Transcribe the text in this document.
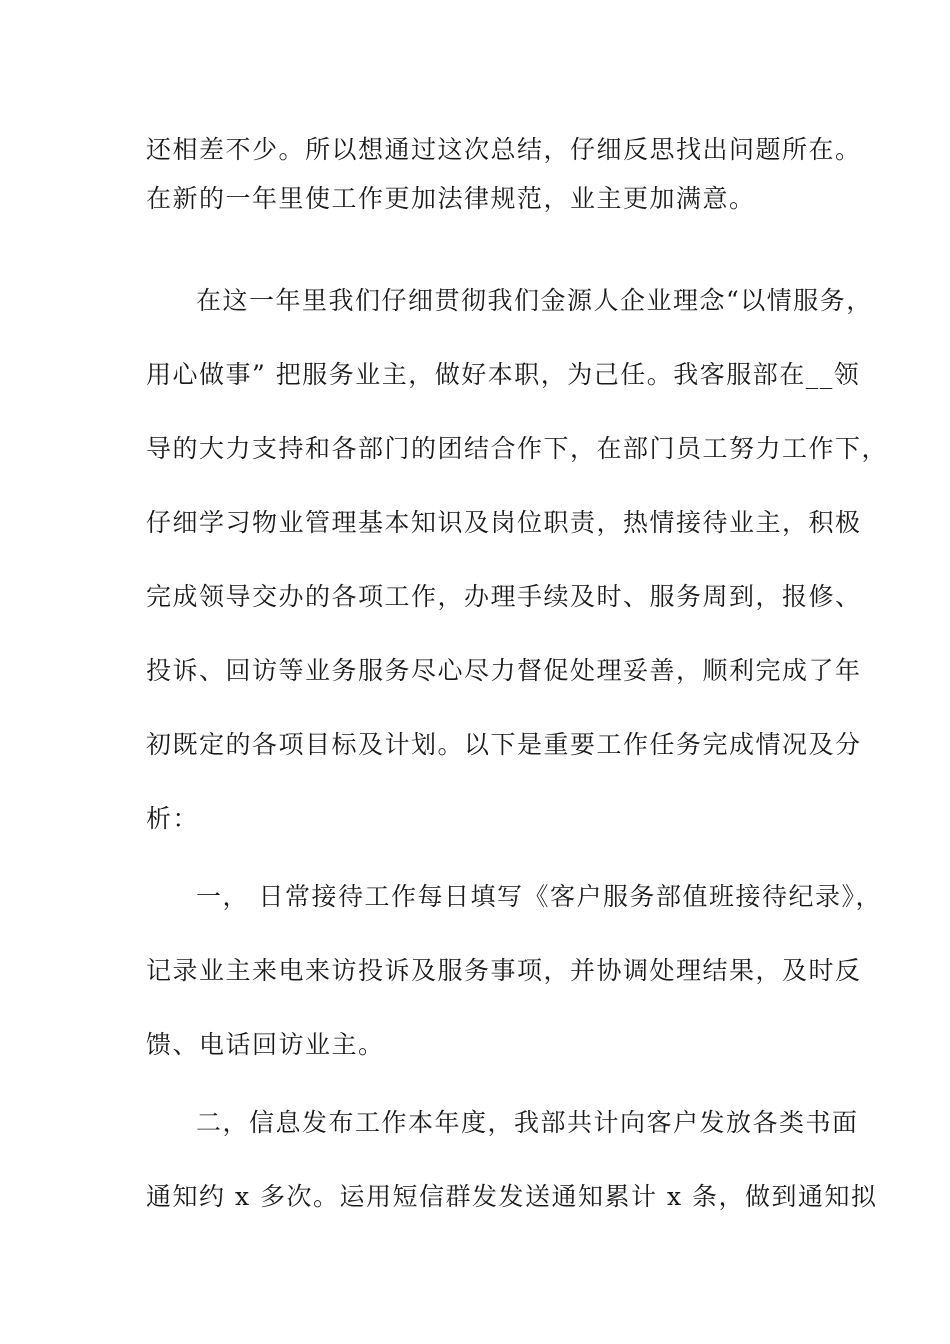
还相差不少。所以想通过这次总结，仔细反思找出问题所在。
在新的一年里使工作更加法律规范，业主更加满意。
在这一年里我们仔细贯彻我们金源人企业理念“以情服务，
用心做事” 把服务业主，做好本职，为己任。我客服部在__领
导的大力支持和各部门的团结合作下，在部门员工努力工作下，
仔细学习物业管理基本知识及岗位职责，热情接待业主，积极
完成领导交办的各项工作，办理手续及时、服务周到，报修、
投诉、回访等业务服务尽心尽力督促处理妥善，顺利完成了年
初既定的各项目标及计划。以下是重要工作任务完成情况及分
析：
一， 日常接待工作每日填写《客户服务部值班接待纪录》，
记录业主来电来访投诉及服务事项，并协调处理结果，及时反
馈、电话回访业主。
二，信息发布工作本年度，我部共计向客户发放各类书面
通知约 x 多次。运用短信群发发送通知累计 x 条，做到通知拟
